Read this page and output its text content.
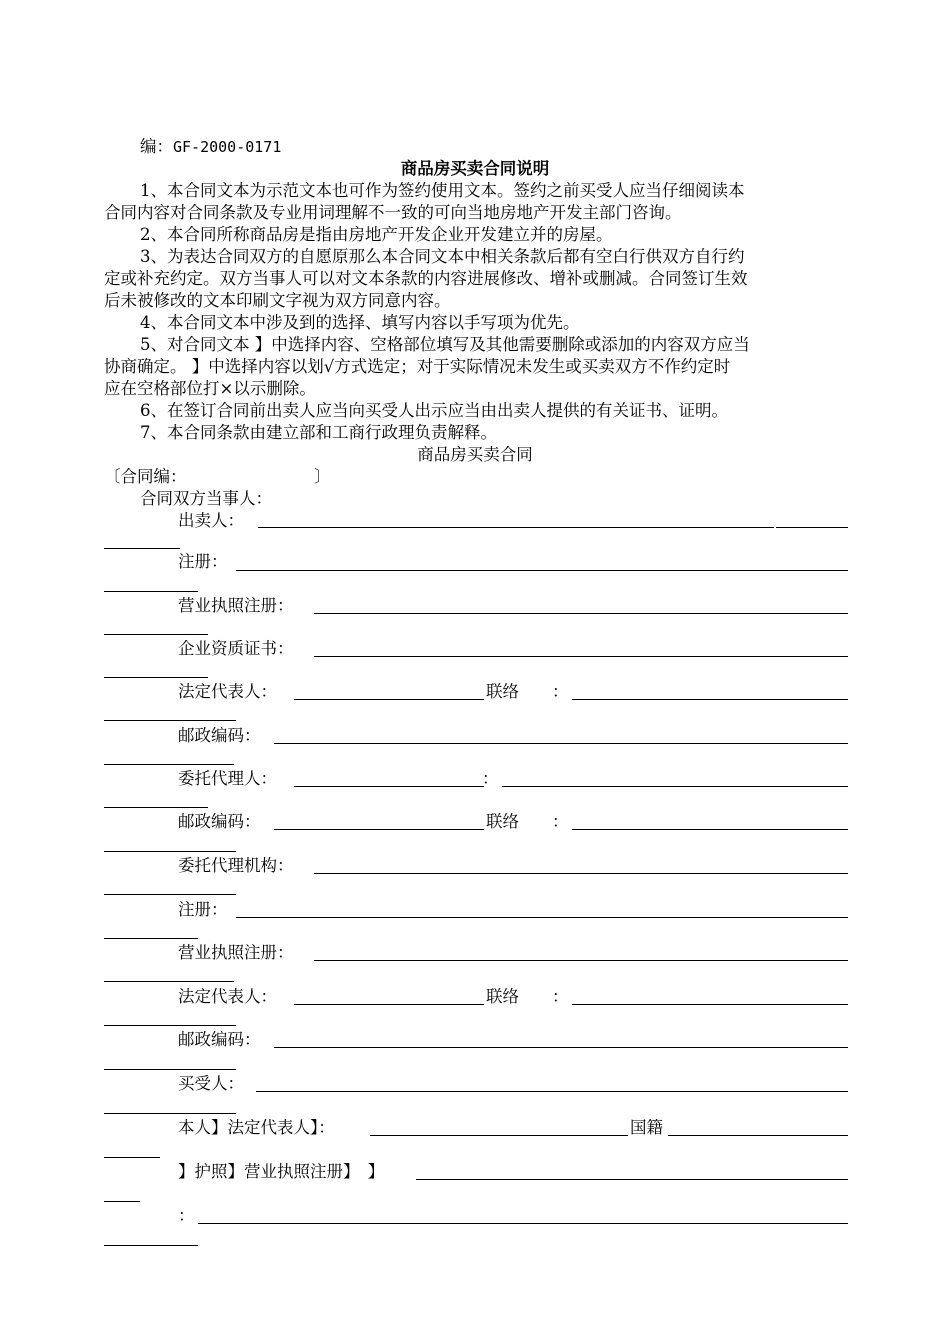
编：GF-2000-0171
商品房买卖合同说明
1、本合同文本为示范文本也可作为签约使用文本。签约之前买受人应当仔细阅读本
合同内容对合同条款及专业用词理解不一致的可向当地房地产开发主部门咨询。
2、本合同所称商品房是指由房地产开发企业开发建立并的房屋。
3、为表达合同双方的自愿原那么本合同文本中相关条款后都有空白行供双方自行约
定或补充约定。双方当事人可以对文本条款的内容进展修改、增补或删减。合同签订生效
后未被修改的文本印刷文字视为双方同意内容。
4、本合同文本中涉及到的选择、填写内容以手写项为优先。
5、对合同文本 】中选择内容、空格部位填写及其他需要删除或添加的内容双方应当
协商确定。 】中选择内容以划√方式选定；对于实际情况未发生或买卖双方不作约定时
应在空格部位打×以示删除。
6、在签订合同前出卖人应当向买受人出示应当由出卖人提供的有关证书、证明。
7、本合同条款由建立部和工商行政理负责解释。
商品房买卖合同
〔合同编：	〕
合同双方当事人：
出卖人：
注册：
营业执照注册：
企业资质证书：
法定代表人：	联络　　：
邮政编码：
委托代理人：	：
邮政编码：	联络　　：
委托代理机构：
注册：
营业执照注册：
法定代表人：	联络　　：
邮政编码：
买受人：
本人】法定代表人】：	国籍
】护照】营业执照注册】　】
：
